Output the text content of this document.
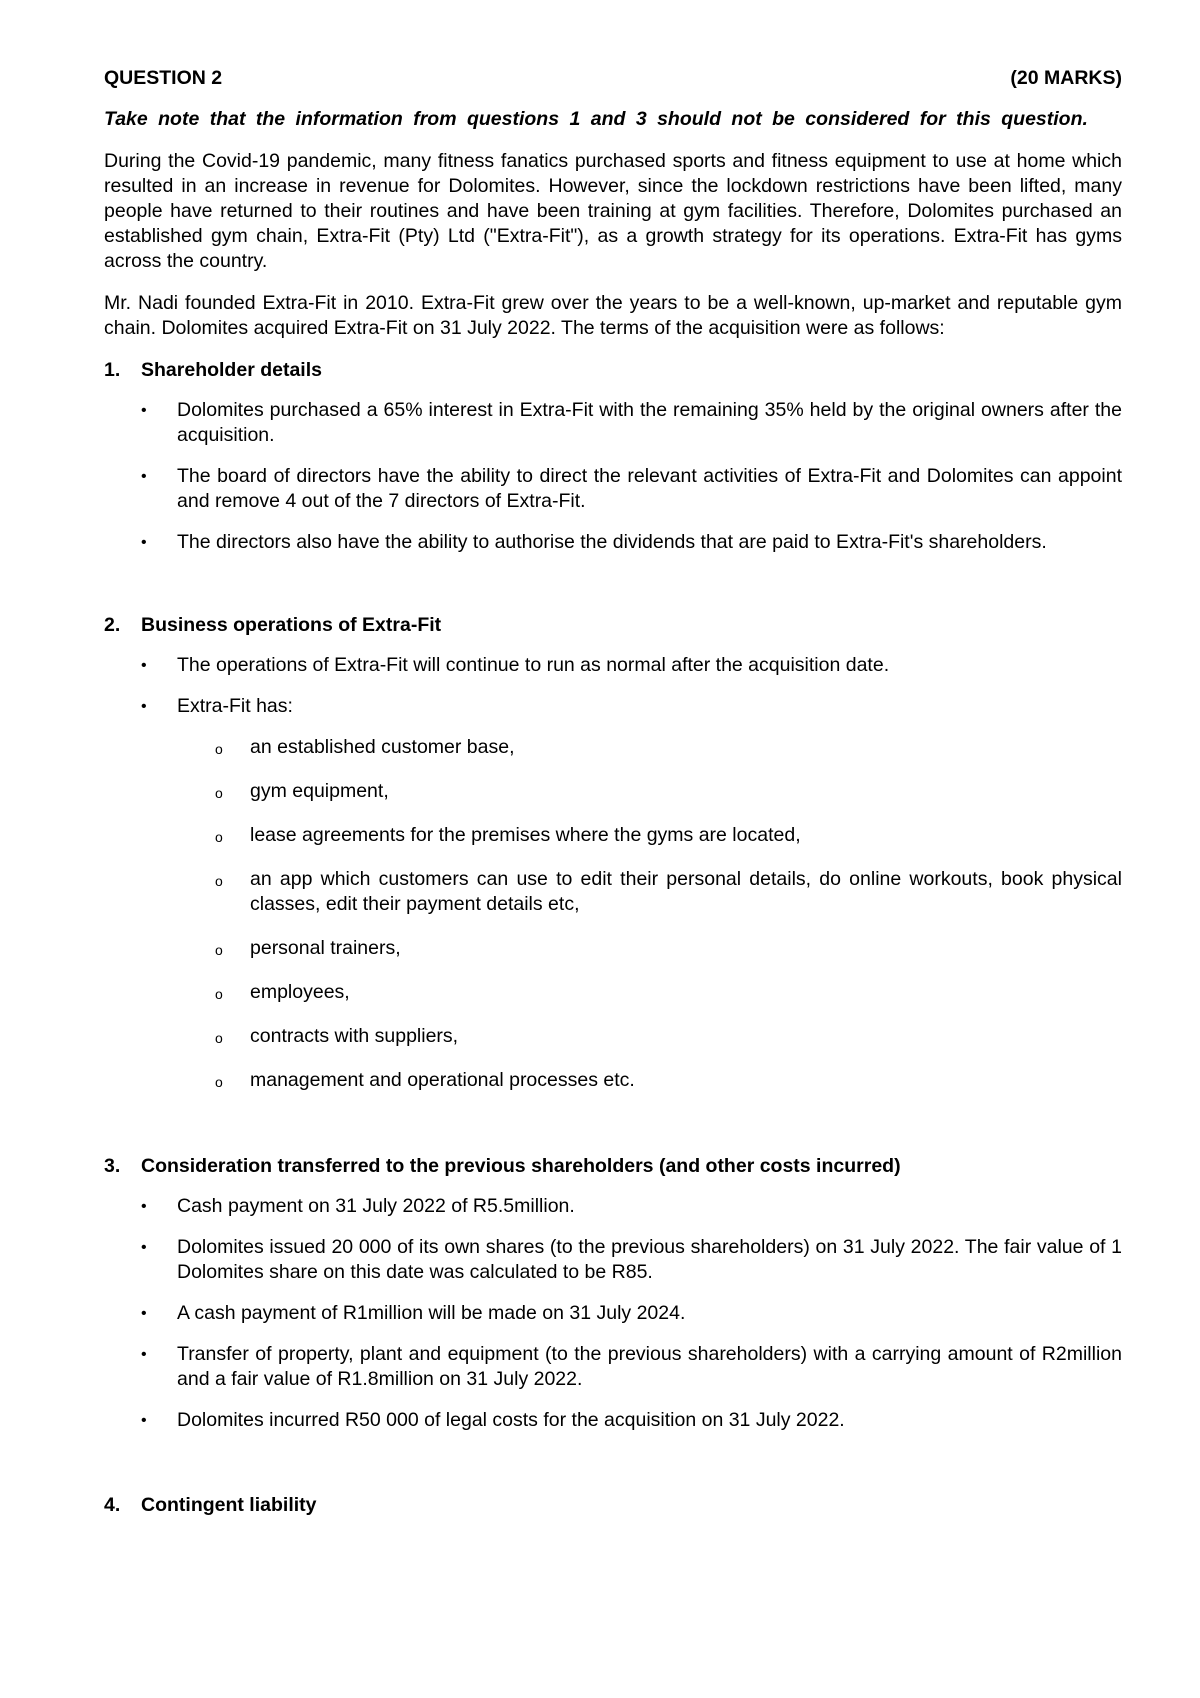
QUESTION 2	(20 MARKS)

Take note that the information from questions 1 and 3 should not be considered for this question.

During the Covid-19 pandemic, many fitness fanatics purchased sports and fitness equipment to use at home which resulted in an increase in revenue for Dolomites. However, since the lockdown restrictions have been lifted, many people have returned to their routines and have been training at gym facilities. Therefore, Dolomites purchased an established gym chain, Extra-Fit (Pty) Ltd ("Extra-Fit"), as a growth strategy for its operations. Extra-Fit has gyms across the country.

Mr. Nadi founded Extra-Fit in 2010. Extra-Fit grew over the years to be a well-known, up-market and reputable gym chain. Dolomites acquired Extra-Fit on 31 July 2022. The terms of the acquisition were as follows:

1.	Shareholder details
• Dolomites purchased a 65% interest in Extra-Fit with the remaining 35% held by the original owners after the acquisition.
• The board of directors have the ability to direct the relevant activities of Extra-Fit and Dolomites can appoint and remove 4 out of the 7 directors of Extra-Fit.
• The directors also have the ability to authorise the dividends that are paid to Extra-Fit's shareholders.
2.	Business operations of Extra-Fit
• The operations of Extra-Fit will continue to run as normal after the acquisition date.
• Extra-Fit has:
o an established customer base,
o gym equipment,
o lease agreements for the premises where the gyms are located,
o an app which customers can use to edit their personal details, do online workouts, book physical classes, edit their payment details etc,
o personal trainers,
o employees,
o contracts with suppliers,
o management and operational processes etc.
3.	Consideration transferred to the previous shareholders (and other costs incurred)
• Cash payment on 31 July 2022 of R5.5million.
• Dolomites issued 20 000 of its own shares (to the previous shareholders) on 31 July 2022. The fair value of 1 Dolomites share on this date was calculated to be R85.
• A cash payment of R1million will be made on 31 July 2024.
• Transfer of property, plant and equipment (to the previous shareholders) with a carrying amount of R2million and a fair value of R1.8million on 31 July 2022.
• Dolomites incurred R50 000 of legal costs for the acquisition on 31 July 2022.
4.	Contingent liability
